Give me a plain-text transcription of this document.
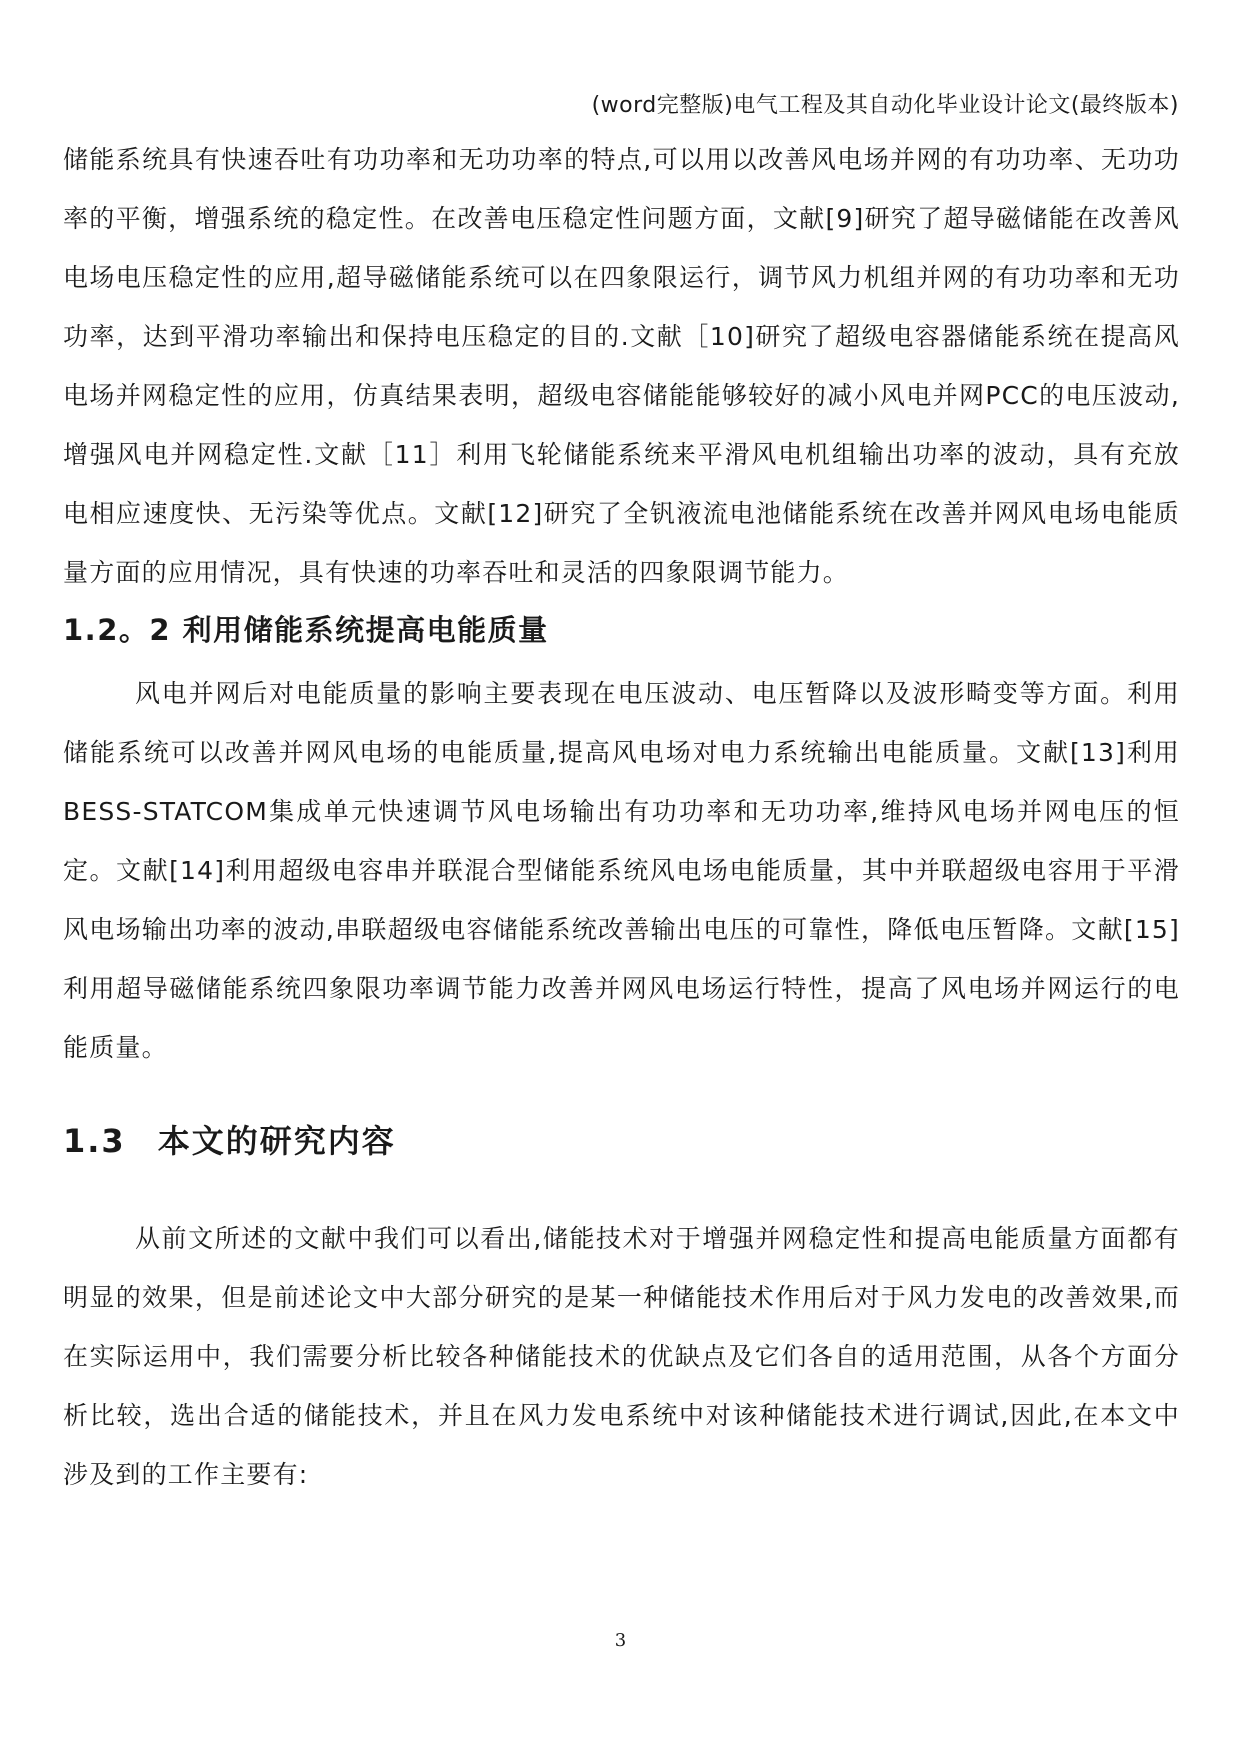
(word完整版)电气工程及其自动化毕业设计论文(最终版本)

储能系统具有快速吞吐有功功率和无功功率的特点,可以用以改善风电场并网的有功功率、无功功率的平衡，增强系统的稳定性。在改善电压稳定性问题方面，文献[9]研究了超导磁储能在改善风电场电压稳定性的应用,超导磁储能系统可以在四象限运行，调节风力机组并网的有功功率和无功功率，达到平滑功率输出和保持电压稳定的目的.文献［10]研究了超级电容器储能系统在提高风电场并网稳定性的应用，仿真结果表明，超级电容储能能够较好的减小风电并网PCC的电压波动,增强风电并网稳定性.文献［11］利用飞轮储能系统来平滑风电机组输出功率的波动，具有充放电相应速度快、无污染等优点。文献[12]研究了全钒液流电池储能系统在改善并网风电场电能质量方面的应用情况，具有快速的功率吞吐和灵活的四象限调节能力。

1.2。2 利用储能系统提高电能质量

风电并网后对电能质量的影响主要表现在电压波动、电压暂降以及波形畸变等方面。利用储能系统可以改善并网风电场的电能质量,提高风电场对电力系统输出电能质量。文献[13]利用BESS-STATCOM集成单元快速调节风电场输出有功功率和无功功率,维持风电场并网电压的恒定。文献[14]利用超级电容串并联混合型储能系统风电场电能质量，其中并联超级电容用于平滑风电场输出功率的波动,串联超级电容储能系统改善输出电压的可靠性，降低电压暂降。文献[15]利用超导磁储能系统四象限功率调节能力改善并网风电场运行特性，提高了风电场并网运行的电能质量。

1.3 本文的研究内容

从前文所述的文献中我们可以看出,储能技术对于增强并网稳定性和提高电能质量方面都有明显的效果，但是前述论文中大部分研究的是某一种储能技术作用后对于风力发电的改善效果,而在实际运用中，我们需要分析比较各种储能技术的优缺点及它们各自的适用范围，从各个方面分析比较，选出合适的储能技术，并且在风力发电系统中对该种储能技术进行调试,因此,在本文中涉及到的工作主要有:

3
